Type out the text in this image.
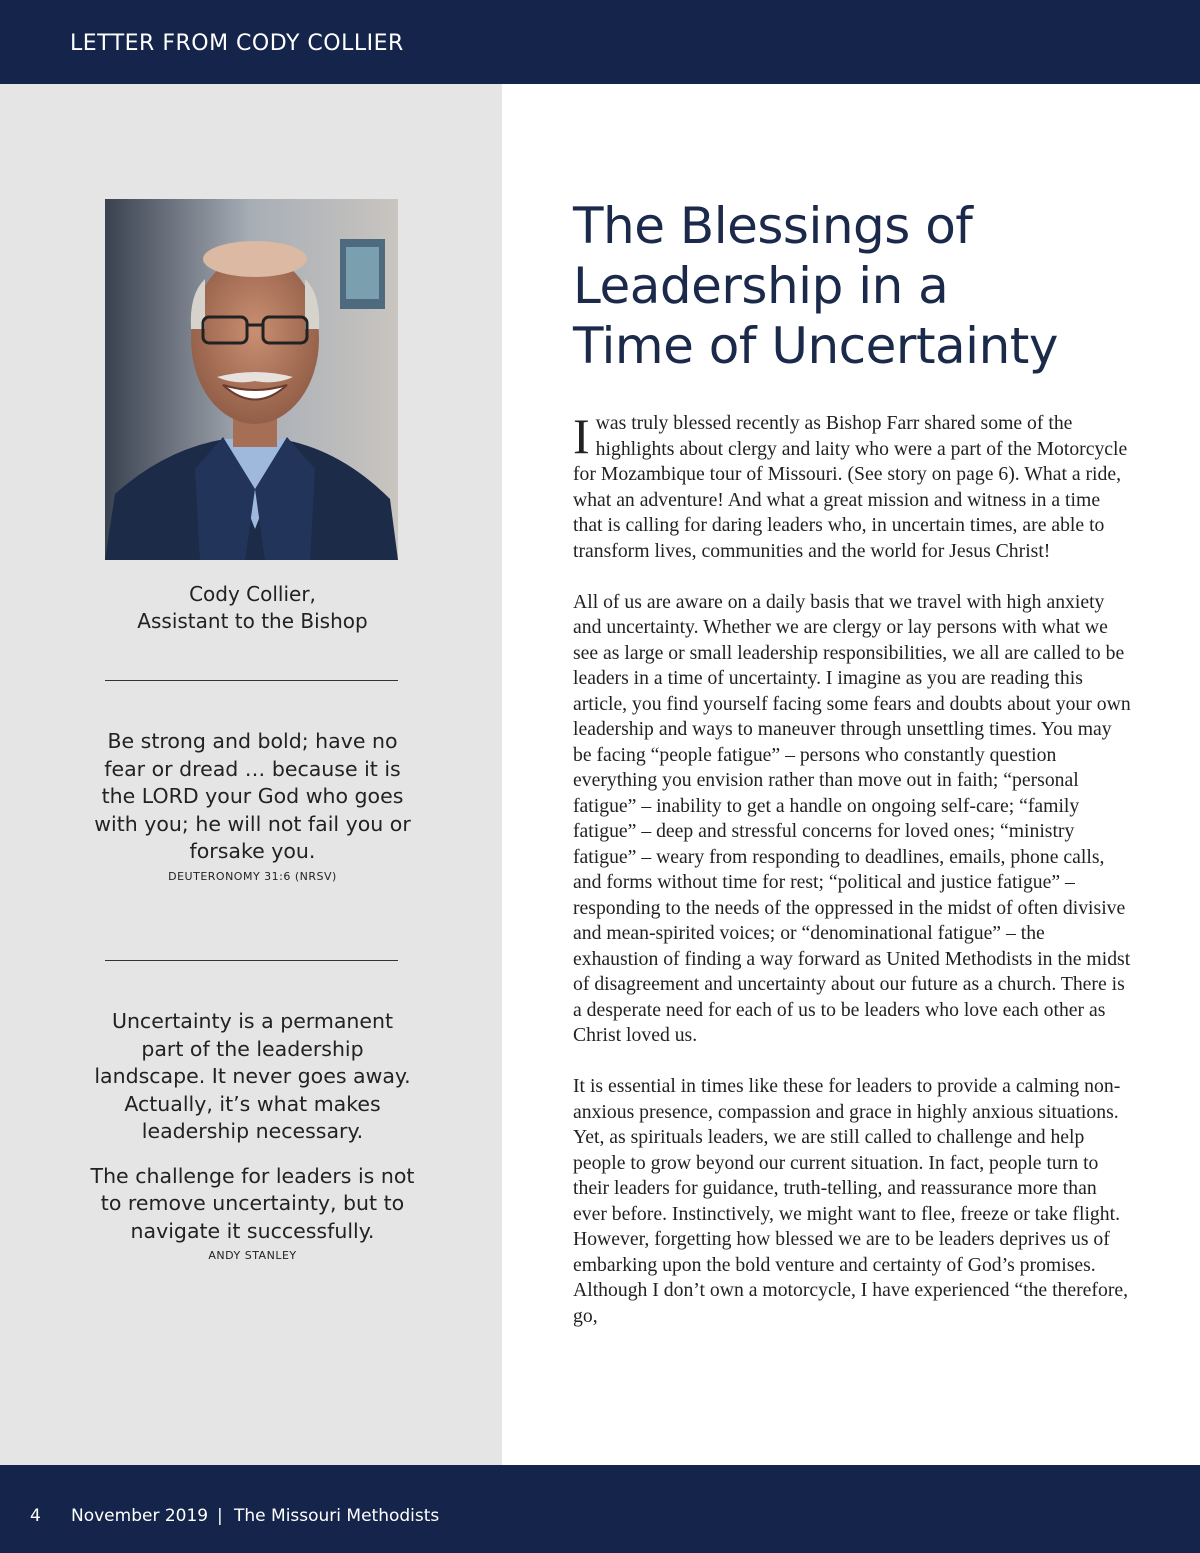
LETTER FROM CODY COLLIER
Cody Collier,
Assistant to the Bishop
Be strong and bold; have no fear or dread … because it is the LORD your God who goes with you; he will not fail you or forsake you.
DEUTERONOMY 31:6 (NRSV)
Uncertainty is a permanent part of the leadership landscape. It never goes away. Actually, it’s what makes leadership necessary.
The challenge for leaders is not to remove uncertainty, but to navigate it successfully.
ANDY STANLEY
The Blessings of
Leadership in a
Time of Uncertainty

Iwas truly blessed recently as Bishop Farr shared some of the highlights about clergy and laity who were a part of the Motorcycle for Mozambique tour of Missouri. (See story on page 6). What a ride, what an adventure! And what a great mission and witness in a time that is calling for daring leaders who, in uncertain times, are able to transform lives, communities and the world for Jesus Christ!

All of us are aware on a daily basis that we travel with high anxiety and uncertainty. Whether we are clergy or lay persons with what we see as large or small leadership responsibilities, we all are called to be leaders in a time of uncertainty. I imagine as you are reading this article, you find yourself facing some fears and doubts about your own leadership and ways to maneuver through unsettling times. You may be facing “people fatigue” – persons who constantly question everything you envision rather than move out in faith; “personal fatigue” – inability to get a handle on ongoing self-care; “family fatigue” – deep and stressful concerns for loved ones; “ministry fatigue” – weary from responding to deadlines, emails, phone calls, and forms without time for rest; “political and justice fatigue” – responding to the needs of the oppressed in the midst of often divisive and mean-spirited voices; or “denominational fatigue” – the exhaustion of finding a way forward as United Methodists in the midst of disagreement and uncertainty about our future as a church. There is a desperate need for each of us to be leaders who love each other as Christ loved us.

It is essential in times like these for leaders to provide a calming non-anxious presence, compassion and grace in highly anxious situations. Yet, as spirituals leaders, we are still called to challenge and help people to grow beyond our current situation. In fact, people turn to their leaders for guidance, truth-telling, and reassurance more than ever before. Instinctively, we might want to flee, freeze or take flight. However, forgetting how blessed we are to be leaders deprives us of embarking upon the bold venture and certainty of God’s promises. Although I don’t own a motorcycle, I have experienced “the therefore, go,

4 November 2019 | The Missouri Methodists
